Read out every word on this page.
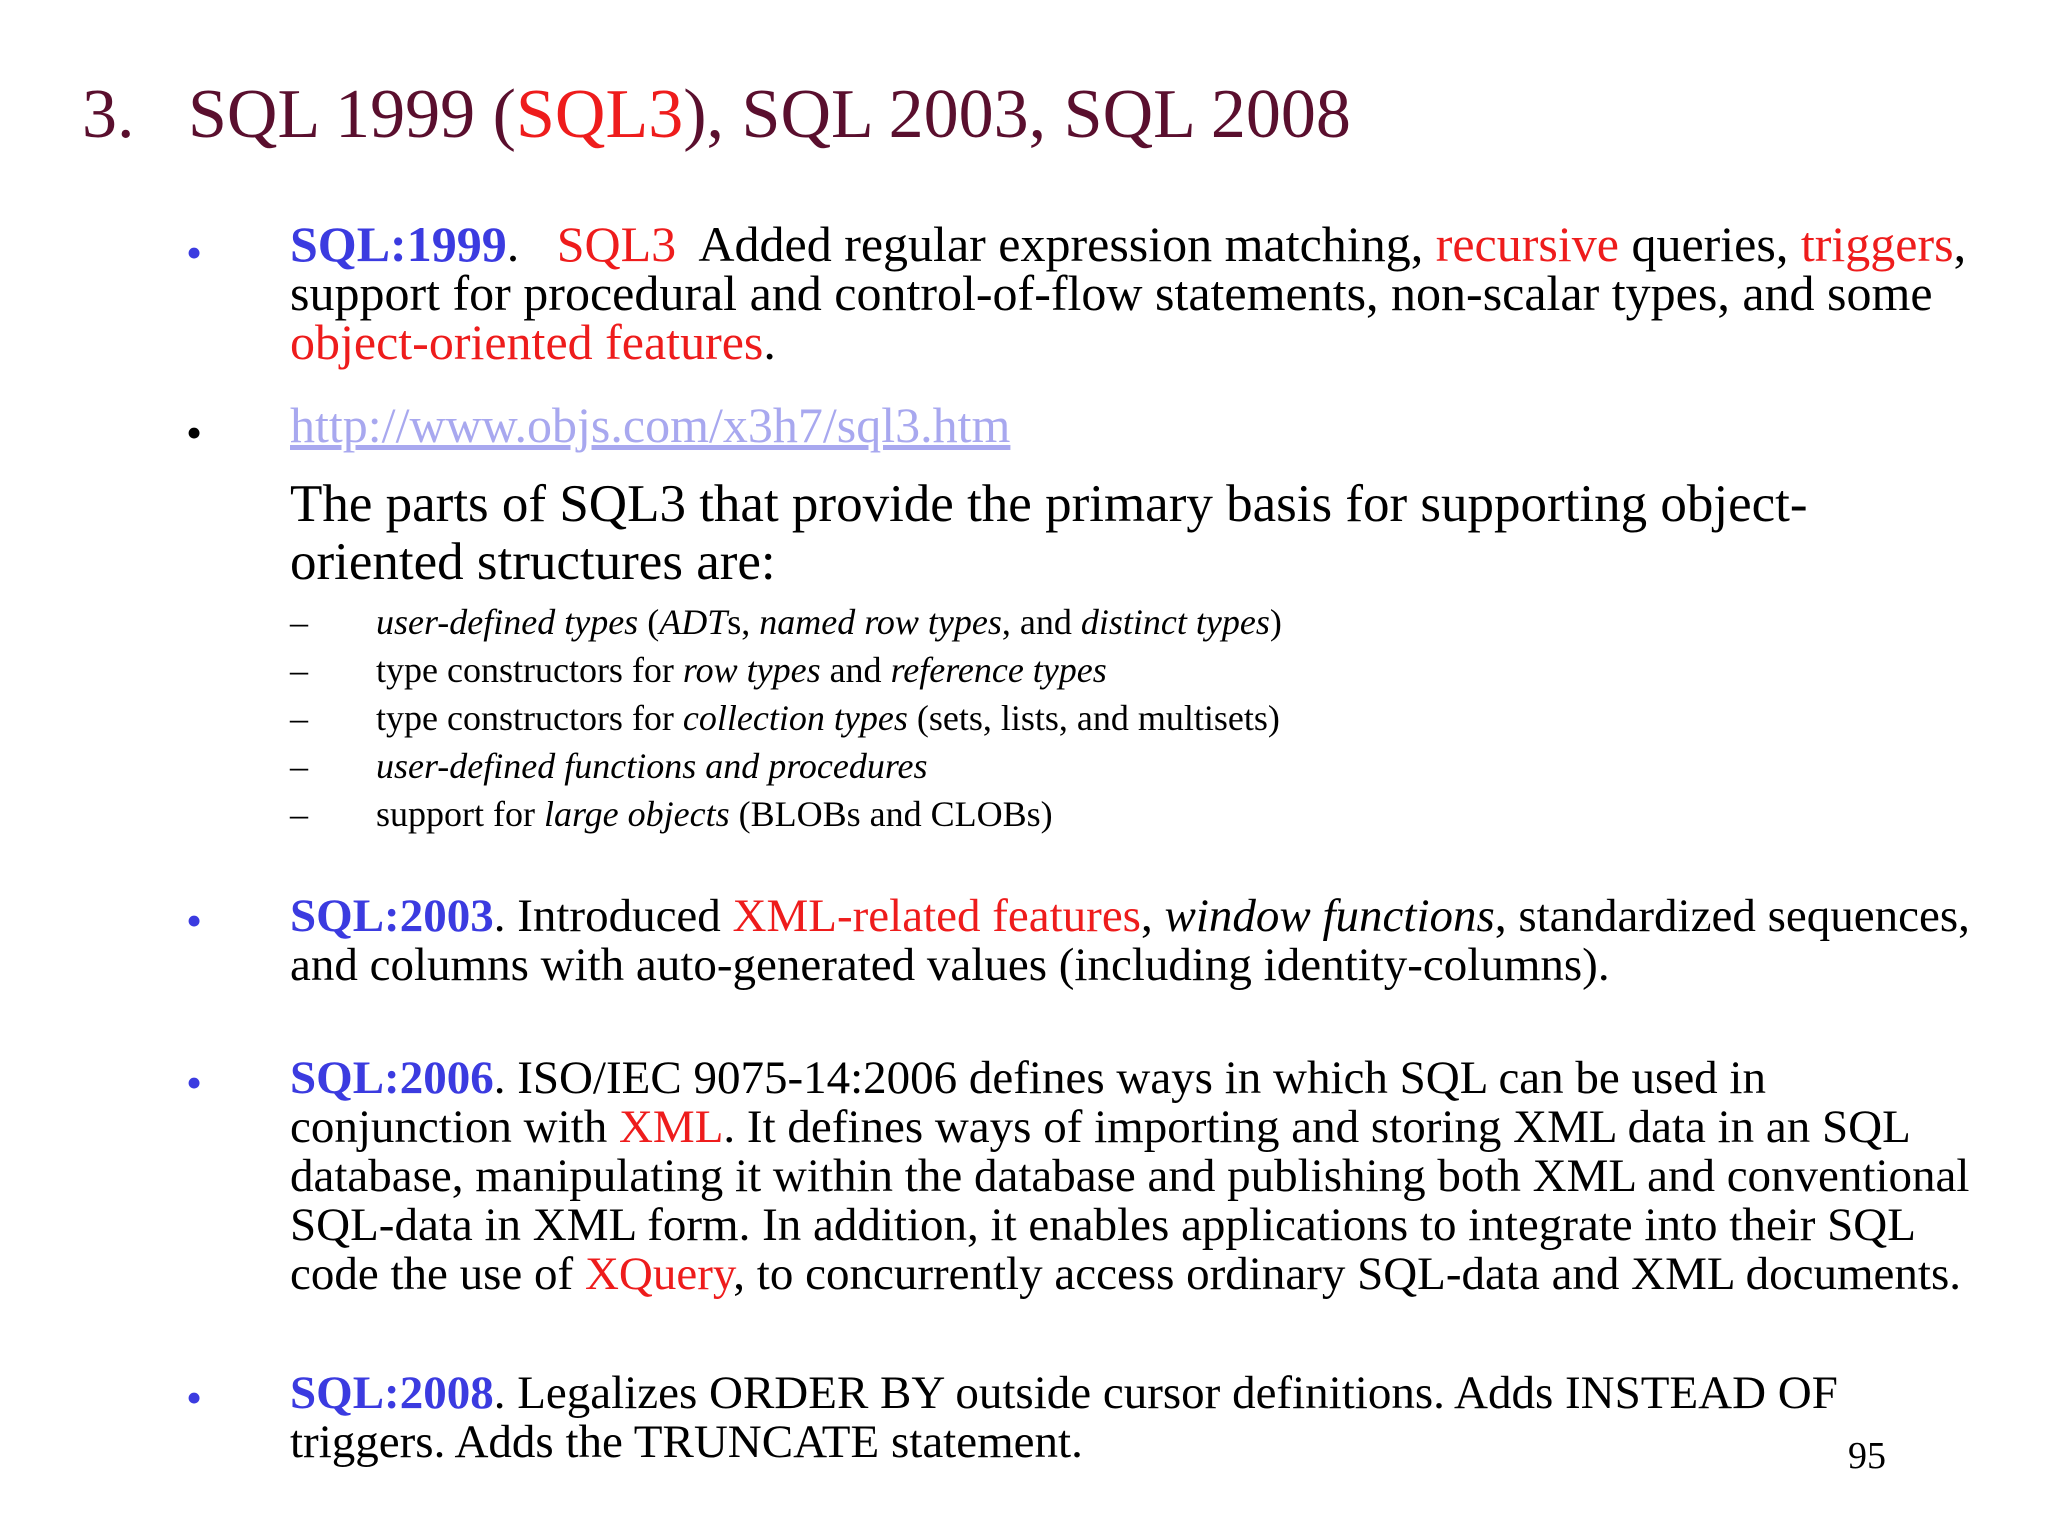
3. SQL 1999 (SQL3), SQL 2003, SQL 2008
• SQL:1999.   SQL3  Added regular expression matching, recursive queries, triggers, support for procedural and control-of-flow statements, non-scalar types, and some object-oriented features.
• http://www.objs.com/x3h7/sql3.htm
The parts of SQL3 that provide the primary basis for supporting object-oriented structures are:
– user-defined types (ADTs, named row types, and distinct types)
– type constructors for row types and reference types
– type constructors for collection types (sets, lists, and multisets)
– user-defined functions and procedures
– support for large objects (BLOBs and CLOBs)
• SQL:2003. Introduced XML-related features, window functions, standardized sequences, and columns with auto-generated values (including identity-columns).
• SQL:2006. ISO/IEC 9075-14:2006 defines ways in which SQL can be used in conjunction with XML. It defines ways of importing and storing XML data in an SQL database, manipulating it within the database and publishing both XML and conventional SQL-data in XML form. In addition, it enables applications to integrate into their SQL code the use of XQuery, to concurrently access ordinary SQL-data and XML documents.
• SQL:2008. Legalizes ORDER BY outside cursor definitions. Adds INSTEAD OF triggers. Adds the TRUNCATE statement.	95
